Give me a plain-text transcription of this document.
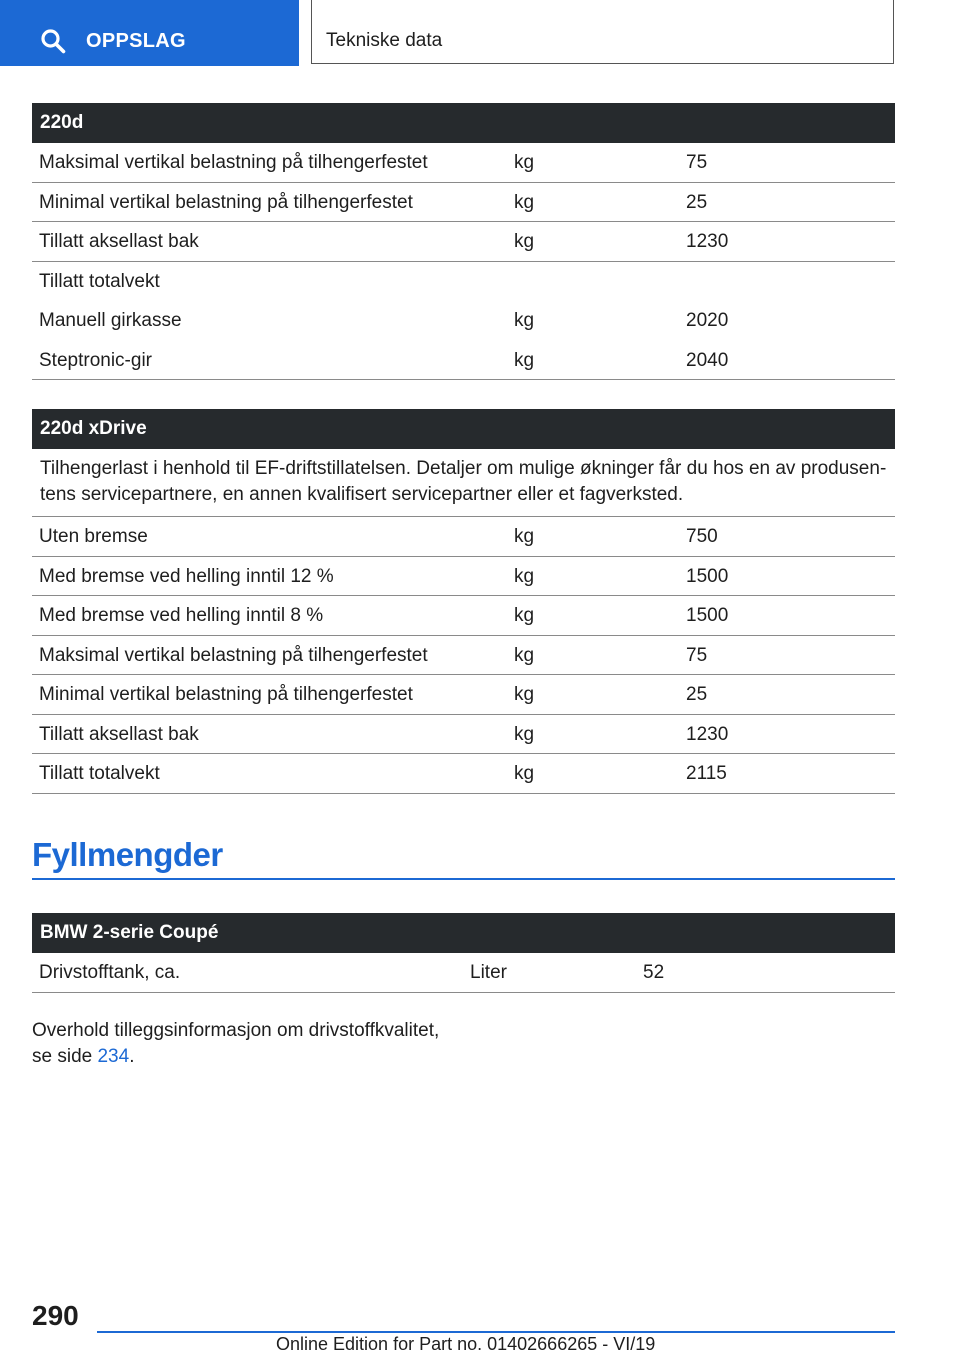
OPPSLAG	Tekniske data
220d
Maksimal vertikal belastning på tilhengerfestet	kg	75
Minimal vertikal belastning på tilhengerfestet	kg	25
Tillatt aksellast bak	kg	1230
Tillatt totalvekt
Manuell girkasse	kg	2020
Steptronic-gir	kg	2040
220d xDrive
Tilhengerlast i henhold til EF-driftstillatelsen. Detaljer om mulige økninger får du hos en av produsentens servicepartnere, en annen kvalifisert servicepartner eller et fagverksted.
Uten bremse	kg	750
Med bremse ved helling inntil 12 %	kg	1500
Med bremse ved helling inntil 8 %	kg	1500
Maksimal vertikal belastning på tilhengerfestet	kg	75
Minimal vertikal belastning på tilhengerfestet	kg	25
Tillatt aksellast bak	kg	1230
Tillatt totalvekt	kg	2115
Fyllmengder
BMW 2-serie Coupé
Drivstofftank, ca.	Liter	52
Overhold tilleggsinformasjon om drivstoffkvalitet,
se side 234.
290
Online Edition for Part no. 01402666265 - VI/19
